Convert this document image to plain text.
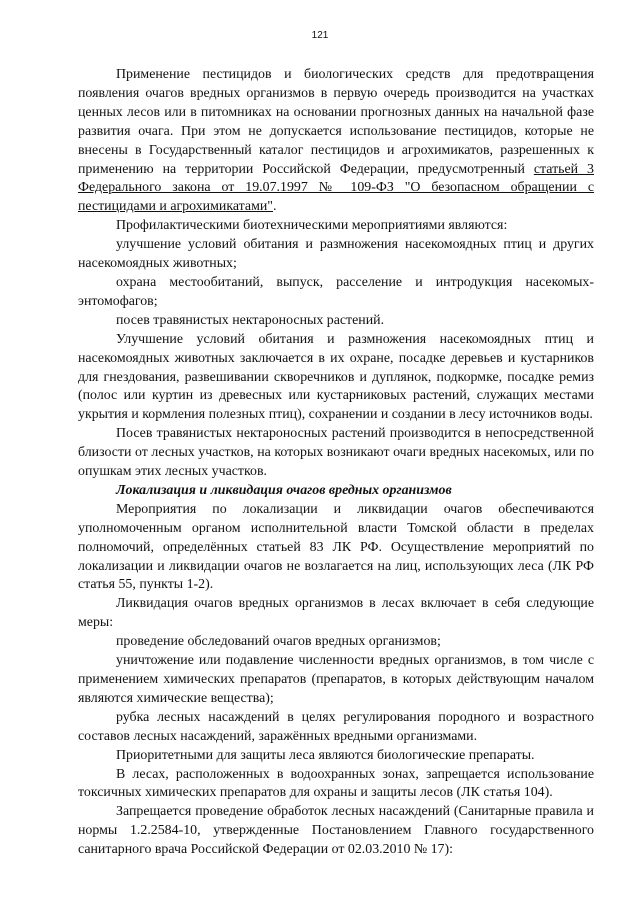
121

Применение пестицидов и биологических средств для предотвращения появления очагов вредных организмов в первую очередь производится на участках ценных лесов или в питомниках на основании прогнозных данных на начальной фазе развития очага. При этом не допускается использование пестицидов, которые не внесены в Государственный каталог пестицидов и агрохимикатов, разрешенных к применению на территории Российской Федерации, предусмотренный статьей 3 Федерального закона от 19.07.1997 № 109-ФЗ "О безопасном обращении с пестицидами и агрохимикатами".

Профилактическими биотехническими мероприятиями являются:

улучшение условий обитания и размножения насекомоядных птиц и других насекомоядных животных;

охрана местообитаний, выпуск, расселение и интродукция насекомых-энтомофагов;

посев травянистых нектароносных растений.

Улучшение условий обитания и размножения насекомоядных птиц и насекомоядных животных заключается в их охране, посадке деревьев и кустарников для гнездования, развешивании скворечников и дуплянок, подкормке, посадке ремиз (полос или куртин из древесных или кустарниковых растений, служащих местами укрытия и кормления полезных птиц), сохранении и создании в лесу источников воды.

Посев травянистых нектароносных растений производится в непосредственной близости от лесных участков, на которых возникают очаги вредных насекомых, или по опушкам этих лесных участков.

Локализация и ликвидация очагов вредных организмов

Мероприятия по локализации и ликвидации очагов обеспечиваются уполномоченным органом исполнительной власти Томской области в пределах полномочий, определённых статьей 83 ЛК РФ. Осуществление мероприятий по локализации и ликвидации очагов не возлагается на лиц, использующих леса (ЛК РФ статья 55, пункты 1-2).

Ликвидация очагов вредных организмов в лесах включает в себя следующие меры:

проведение обследований очагов вредных организмов;

уничтожение или подавление численности вредных организмов, в том числе с применением химических препаратов (препаратов, в которых действующим началом являются химические вещества);

рубка лесных насаждений в целях регулирования породного и возрастного составов лесных насаждений, заражённых вредными организмами.

Приоритетными для защиты леса являются биологические препараты.

В лесах, расположенных в водоохранных зонах, запрещается использование токсичных химических препаратов для охраны и защиты лесов (ЛК статья 104).

Запрещается проведение обработок лесных насаждений (Санитарные правила и нормы 1.2.2584-10, утвержденные Постановлением Главного государственного санитарного врача Российской Федерации от 02.03.2010 № 17):
